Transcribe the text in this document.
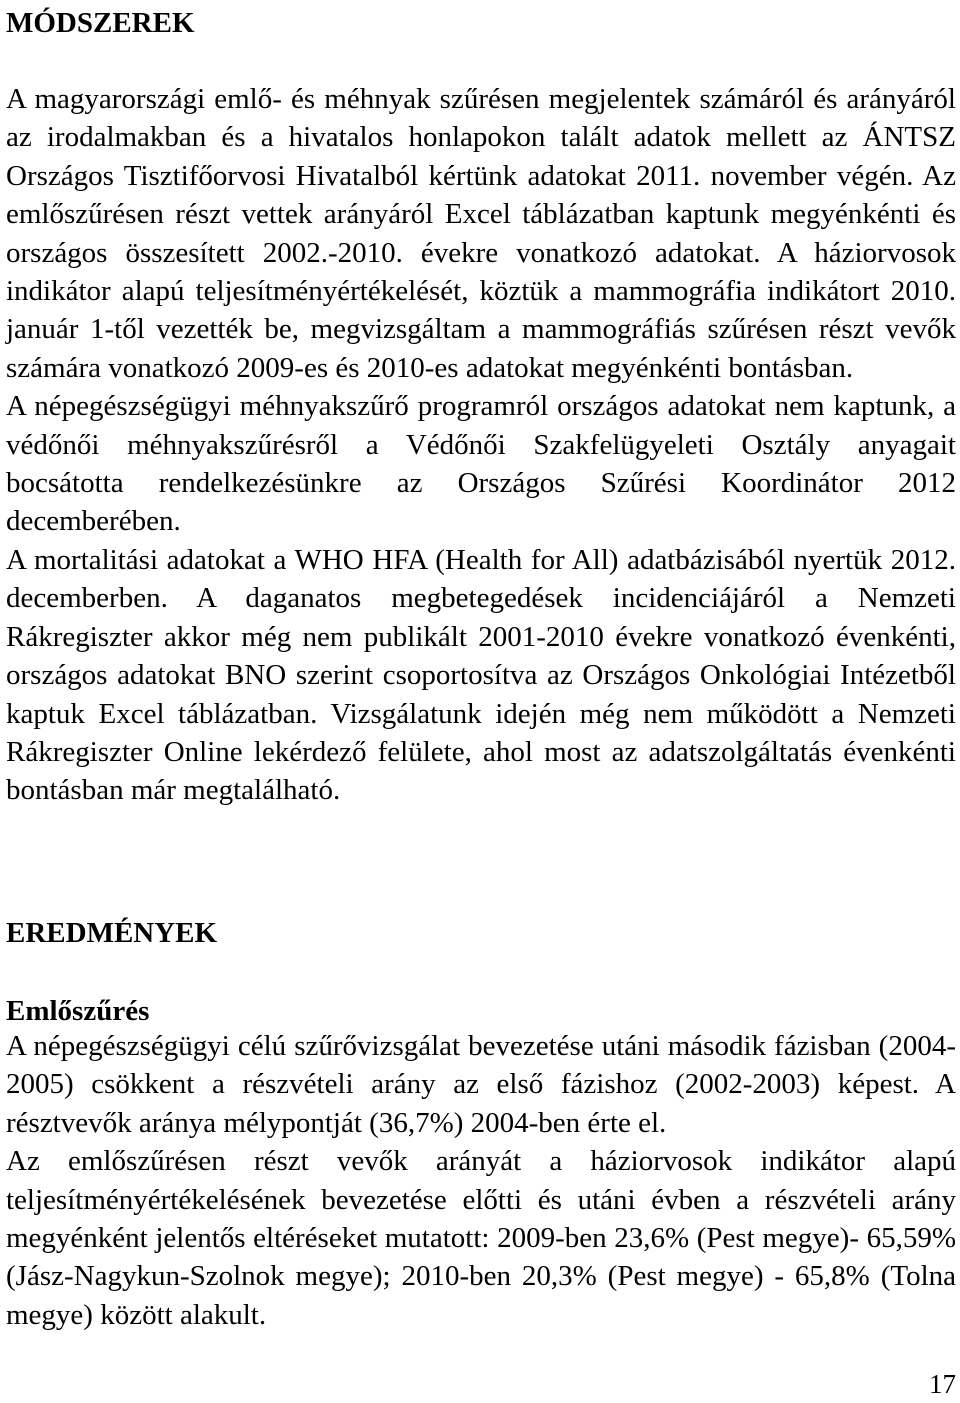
MÓDSZEREK

A magyarországi emlő- és méhnyak szűrésen megjelentek számáról és arányáról az irodalmakban és a hivatalos honlapokon talált adatok mellett az ÁNTSZ Országos Tisztifőorvosi Hivatalból kértünk adatokat 2011. november végén. Az emlőszűrésen részt vettek arányáról Excel táblázatban kaptunk megyénkénti és országos összesített 2002.-2010. évekre vonatkozó adatokat. A háziorvosok indikátor alapú teljesítményértékelését, köztük a mammográfia indikátort 2010. január 1-től vezették be, megvizsgáltam a mammográfiás szűrésen részt vevők számára vonatkozó 2009-es és 2010-es adatokat megyénkénti bontásban.

A népegészségügyi méhnyakszűrő programról országos adatokat nem kaptunk, a védőnői méhnyakszűrésről a Védőnői Szakfelügyeleti Osztály anyagait bocsátotta rendelkezésünkre az Országos Szűrési Koordinátor 2012 decemberében.

A mortalitási adatokat a WHO HFA (Health for All) adatbázisából nyertük 2012. decemberben. A daganatos megbetegedések incidenciájáról a Nemzeti Rákregiszter akkor még nem publikált 2001-2010 évekre vonatkozó évenkénti, országos adatokat BNO szerint csoportosítva az Országos Onkológiai Intézetből kaptuk Excel táblázatban. Vizsgálatunk idején még nem működött a Nemzeti Rákregiszter Online lekérdező felülete, ahol most az adatszolgáltatás évenkénti bontásban már megtalálható.

EREDMÉNYEK
Emlőszűrés

A népegészségügyi célú szűrővizsgálat bevezetése utáni második fázisban (2004-2005) csökkent a részvételi arány az első fázishoz (2002-2003) képest. A résztvevők aránya mélypontját (36,7%) 2004-ben érte el.

Az emlőszűrésen részt vevők arányát a háziorvosok indikátor alapú teljesítményértékelésének bevezetése előtti és utáni évben a részvételi arány megyénként jelentős eltéréseket mutatott: 2009-ben 23,6% (Pest megye)- 65,59% (Jász-Nagykun-Szolnok megye); 2010-ben 20,3% (Pest megye) - 65,8% (Tolna megye) között alakult.

17
